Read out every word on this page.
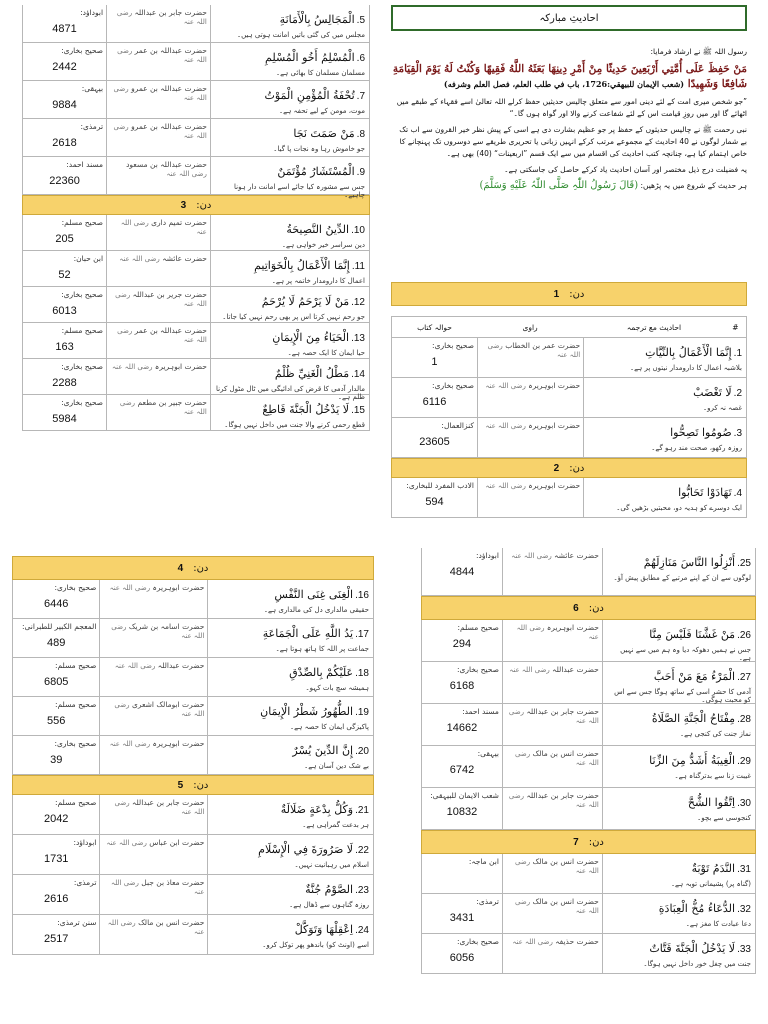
احادیثِ مبارکہ

رسول اللہ ﷺ نے ارشاد فرمایا:

مَنْ حَفِظَ عَلَى أُمَّتِي أَرْبَعِينَ حَدِيثًا مِنْ أَمْرِ دِينِهَا بَعَثَهُ اللَّهُ فَقِيهًا وَكُنْتُ لَهُ يَوْمَ الْقِيَامَةِ شَافِعًا وَشَهِيدًا (شعب الإيمان للبيهقي:1726، باب في طلب العلم، فصل العلم وشرفه)

”جو شخص میری امت کے لئے دینی امور سے متعلق چالیس حدیثیں حفظ کرلے اللہ تعالیٰ اسے فقہاء کے طبقے میں اٹھائے گا اور میں روزِ قیامت اس کے لئے شفاعت کرنے والا اور گواہ ہوں گا۔“

نبی رحمت ﷺ نے چالیس حدیثوں کے حفظ پر جو عظیم بشارت دی ہے اسی کے پیش نظر خیر القرون سے اب تک بے شمار لوگوں نے 40 احادیث کے مجموعے مرتب کرکے انہیں زبانی یا تحریری طریقے سے دوسروں تک پہنچانے کا خاص اہتمام کیا ہے، چنانچہ کتب احادیث کی اقسام میں سے ایک قسم ”اربعینات“ (40) بھی ہے۔

یہ فضیلت درج ذیل مختصر اور آسان احادیث یاد کرکے حاصل کی جاسکتی ہے۔

ہر حدیث کے شروع میں یہ پڑھیں: (قَالَ رَسُولُ اللّٰہِ صَلَّى اللّٰہُ عَلَیْهِ وَسَلَّمَ)

دن:
1
#
احادیث مع ترجمہ
راوی
حوالہ کتاب
1.إِنَّمَا الْأَعْمَالُ بِالنِّيَّاتِ
بلاشبہ اعمال کا دارومدار نیتوں پر ہے۔
حضرت عمر بن الخطاب رضی اللہ عنہ
صحیح بخاری:
1
2.لَا تَغْضَبْ
غصہ نہ کرو۔
حضرت ابوہریرہ رضی اللہ عنہ
صحیح بخاری:
6116
3.صُومُوا تَصِحُّوا
روزہ رکھو، صحت مند رہو گے۔
حضرت ابوہریرہ رضی اللہ عنہ
کنزالعمال:
23605
دن:
2
4.تَهَادَوْا تَحَابُّوا
ایک دوسرے کو ہدیہ دو، محبتیں بڑھیں گی۔
حضرت ابوہریرہ رضی اللہ عنہ
الادب المفرد للبخاری:
594
5.الْمَجَالِسُ بِالْأَمَانَةِ
مجلس میں کی گئی باتیں امانت ہوتی ہیں۔
حضرت جابر بن عبداللہ رضی اللہ عنہ
ابوداؤد:
4871
6.الْمُسْلِمُ أَخُو الْمُسْلِمِ
مسلمان مسلمان کا بھائی ہے۔
حضرت عبداللہ بن عمر رضی اللہ عنہ
صحیح بخاری:
2442
7.تُحْفَةُ الْمُؤْمِنِ الْمَوْتُ
موت، مومن کے لیے تحفہ ہے۔
حضرت عبداللہ بن عمرو رضی اللہ عنہ
بیہقی:
9884
8.مَنْ صَمَتَ نَجَا
جو خاموش رہا وہ نجات پا گیا۔
حضرت عبداللہ بن عمرو رضی اللہ عنہ
ترمذی:
2618
9.الْمُسْتَشَارُ مُؤْتَمَنٌ
جس سے مشورہ کیا جائے اسے امانت دار ہونا چاہیے۔
حضرت عبداللہ بن مسعود رضی اللہ عنہ
مسند احمد:
22360
دن:
3
10.الدِّينُ النَّصِيحَةُ
دین سراسر خیر خواہی ہے۔
حضرت تمیم داری رضی اللہ عنہ
صحیح مسلم:
205
11.إِنَّمَا الْأَعْمَالُ بِالْخَوَاتِيمِ
اعمال کا دارومدار خاتمہ پر ہے۔
حضرت عائشہ رضی اللہ عنہ
ابن حبان:
52
12.مَنْ لَا يَرْحَمُ لَا يُرْحَمُ
جو رحم نہیں کرتا اس پر بھی رحم نہیں کیا جاتا۔
حضرت جریر بن عبداللہ رضی اللہ عنہ
صحیح بخاری:
6013
13.الْحَيَاءُ مِنَ الْإِيمَانِ
حیا ایمان کا ایک حصہ ہے۔
حضرت عبداللہ بن عمر رضی اللہ عنہ
صحیح مسلم:
163
14.مَطْلُ الْغَنِيِّ ظُلْمٌ
مالدار آدمی کا قرض کی ادائیگی میں ٹال مٹول کرنا ظلم ہے۔
حضرت ابوہریرہ رضی اللہ عنہ
صحیح بخاری:
2288
15.لَا يَدْخُلُ الْجَنَّةَ قَاطِعٌ
قطع رحمی کرنے والا جنت میں داخل نہیں ہوگا۔
حضرت جبیر بن مطعم رضی اللہ عنہ
صحیح بخاری:
5984
دن:
4
16.الْغِنَى غِنَى النَّفْسِ
حقیقی مالداری دل کی مالداری ہے۔
حضرت ابوہریرہ رضی اللہ عنہ
صحیح بخاری:
6446
17.يَدُ اللَّهِ عَلَى الْجَمَاعَةِ
جماعت پر اللہ کا ہاتھ ہوتا ہے۔
حضرت اسامہ بن شریک رضی اللہ عنہ
المعجم الکبیر للطبرانی:
489
18.عَلَيْكُمْ بِالصِّدْقِ
ہمیشہ سچ بات کہو۔
حضرت عبداللہ رضی اللہ عنہ
صحیح مسلم:
6805
19.الطُّهُورُ شَطْرُ الْإِيمَانِ
پاکیزگی ایمان کا حصہ ہے۔
حضرت ابومالک اشعری رضی اللہ عنہ
صحیح مسلم:
556
20.إِنَّ الدِّينَ يُسْرٌ
بے شک دین آسان ہے۔
حضرت ابوہریرہ رضی اللہ عنہ
صحیح بخاری:
39
دن:
5
21.وَكُلُّ بِدْعَةٍ ضَلَالَةٌ
ہر بدعت گمراہی ہے۔
حضرت جابر بن عبداللہ رضی اللہ عنہ
صحیح مسلم:
2042
22.لَا صَرُورَةَ فِي الْإِسْلَامِ
اسلام میں رہبانیت نہیں۔
حضرت ابن عباس رضی اللہ عنہ
ابوداؤد:
1731
23.الصَّوْمُ جُنَّةٌ
روزہ گناہوں سے ڈھال ہے۔
حضرت معاذ بن جبل رضی اللہ عنہ
ترمذی:
2616
24.اِعْقِلْهَا وَتَوَكَّلْ
اسے (اونٹ کو) باندھو پھر توکل کرو۔
حضرت انس بن مالک رضی اللہ عنہ
سنن ترمذی:
2517
25.أَنْزِلُوا النَّاسَ مَنَازِلَهُمْ
لوگوں سے ان کے اپنے مرتبے کے مطابق پیش آؤ۔
حضرت عائشہ رضی اللہ عنہ
ابوداؤد:
4844
دن:
6
26.مَنْ غَشَّنَا فَلَيْسَ مِنَّا
جس نے ہمیں دھوکہ دیا وہ ہم میں سے نہیں ہے۔
حضرت ابوہریرہ رضی اللہ عنہ
صحیح مسلم:
294
27.الْمَرْءُ مَعَ مَنْ أَحَبَّ
آدمی کا حشر اسی کے ساتھ ہوگا جس سے اس کو محبت ہوگی۔
حضرت عبداللہ رضی اللہ عنہ
صحیح بخاری:
6168
28.مِفْتَاحُ الْجَنَّةِ الصَّلَاةُ
نماز جنت کی کنجی ہے۔
حضرت جابر بن عبداللہ رضی اللہ عنہ
مسند احمد:
14662
29.الْغِيبَةُ أَشَدُّ مِنَ الزِّنَا
غیبت زنا سے بدترگناہ ہے۔
حضرت انس بن مالک رضی اللہ عنہ
بیہقی:
6742
30.اِتَّقُوا الشُّحَّ
کنجوسی سے بچو۔
حضرت جابر بن عبداللہ رضی اللہ عنہ
شعب الایمان للبیہقی:
10832
دن:
7
31.النَّدَمُ تَوْبَةٌ
(گناہ پر) پشیمانی توبہ ہے۔
حضرت انس بن مالک رضی اللہ عنہ
ابن ماجہ:
32.الدُّعَاءُ مُخُّ الْعِبَادَةِ
دعا عبادت کا مغز ہے۔
حضرت انس بن مالک رضی اللہ عنہ
ترمذی:
3431
33.لَا يَدْخُلُ الْجَنَّةَ قَتَّاتٌ
جنت میں چغل خور داخل نہیں ہوگا۔
حضرت حذیفہ رضی اللہ عنہ
صحیح بخاری:
6056
